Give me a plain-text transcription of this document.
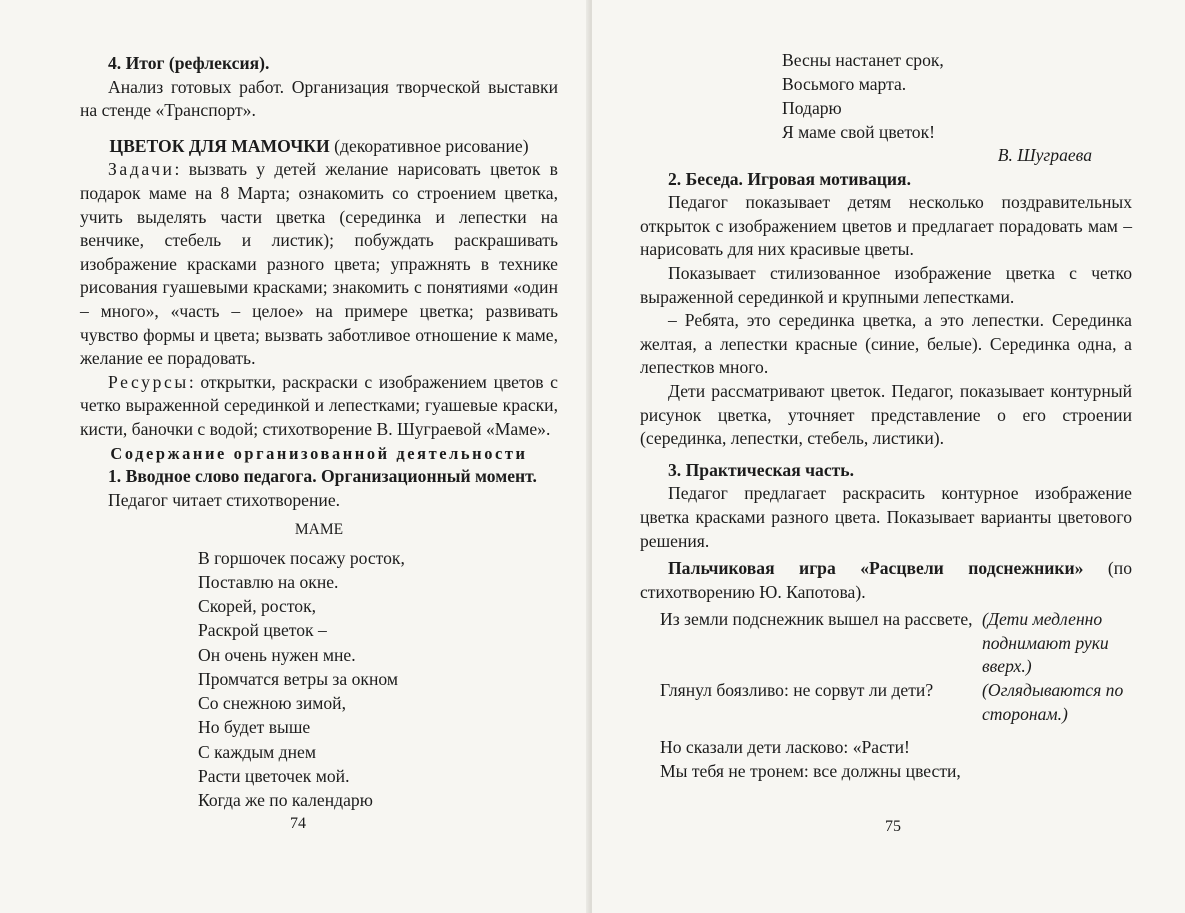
4. Итог (рефлексия).

Анализ готовых работ. Организация творческой выставки на стенде «Транспорт».

ЦВЕТОК ДЛЯ МАМОЧКИ (декоративное рисование)

Задачи: вызвать у детей желание нарисовать цветок в подарок маме на 8 Марта; ознакомить со строением цветка, учить выделять части цветка (серединка и лепестки на венчике, стебель и листик); побуждать раскрашивать изображение красками разного цвета; упражнять в технике рисования гуашевыми красками; знакомить с понятиями «один – много», «часть – целое» на примере цветка; развивать чувство формы и цвета; вызвать заботливое отношение к маме, желание ее порадовать.

Ресурсы: открытки, раскраски с изображением цветов с четко выраженной серединкой и лепестками; гуашевые краски, кисти, баночки с водой; стихотворение В. Шуграевой «Маме».

Содержание организованной деятельности

1. Вводное слово педагога. Организационный момент.

Педагог читает стихотворение.

МАМЕ

В горшочек посажу росток,

Поставлю на окне.

Скорей, росток,

Раскрой цветок –

Он очень нужен мне.

Промчатся ветры за окном

Со снежною зимой,

Но будет выше

С каждым днем

Расти цветочек мой.

Когда же по календарю

74

Весны настанет срок,

Восьмого марта.

Подарю

Я маме свой цветок!

В. Шуграева

2. Беседа. Игровая мотивация.

Педагог показывает детям несколько поздравительных открыток с изображением цветов и предлагает порадовать мам – нарисовать для них красивые цветы.

Показывает стилизованное изображение цветка с четко выраженной серединкой и крупными лепестками.

– Ребята, это серединка цветка, а это лепестки. Серединка желтая, а лепестки красные (синие, белые). Серединка одна, а лепестков много.

Дети рассматривают цветок. Педагог, показывает контурный рисунок цветка, уточняет представление о его строении (серединка, лепестки, стебель, листики).

3. Практическая часть.

Педагог предлагает раскрасить контурное изображение цветка красками разного цвета. Показывает варианты цветового решения.

Пальчиковая игра «Расцвели подснежники» (по стихотворению Ю. Капотова).

Из земли подснежник вышел на рассвете, (Дети медленно поднимают руки вверх.)

Глянул боязливо: не сорвут ли дети?	(Оглядываются по сторонам.)

Но сказали дети ласково: «Расти!

Мы тебя не тронем: все должны цвести,

75
